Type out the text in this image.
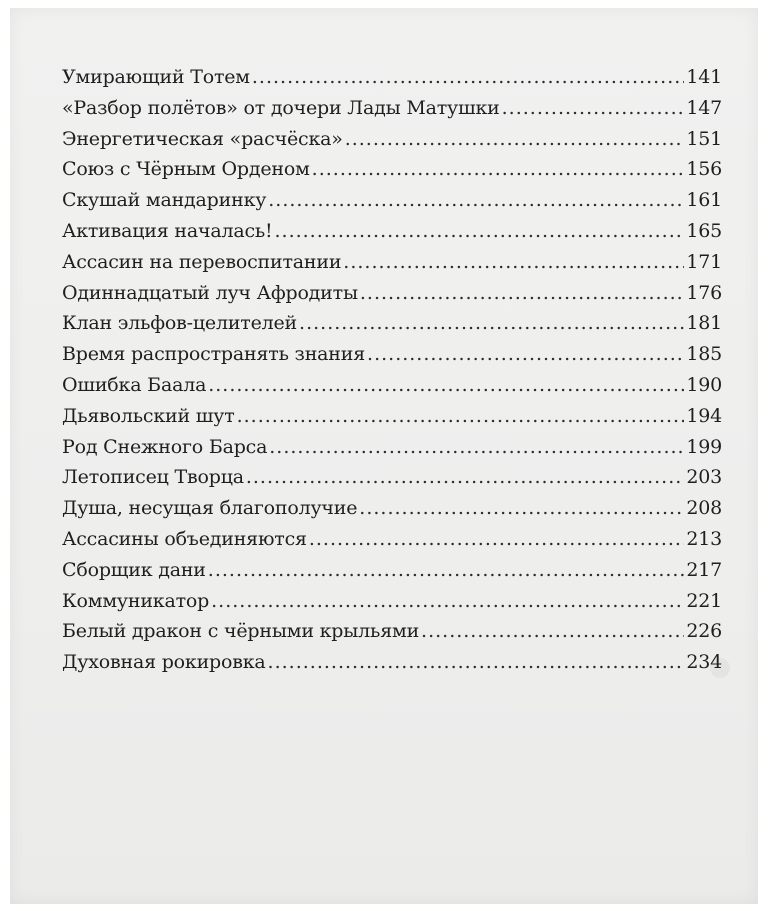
Умирающий Тотем .....	141
«Разбор полётов» от дочери Лады Матушки .....	147
Энергетическая «расчёска» .....	151
Союз с Чёрным Орденом .....	156
Скушай мандаринку .....	161
Активация началась! .....	165
Ассасин на перевоспитании .....	171
Одиннадцатый луч Афродиты .....	176
Клан эльфов-целителей .....	181
Время распространять знания .....	185
Ошибка Баала .....	190
Дьявольский шут .....	194
Род Снежного Барса .....	199
Летописец Творца .....	203
Душа, несущая благополучие .....	208
Ассасины объединяются .....	213
Сборщик дани .....	217
Коммуникатор .....	221
Белый дракон с чёрными крыльями .....	226
Духовная рокировка .....	234
